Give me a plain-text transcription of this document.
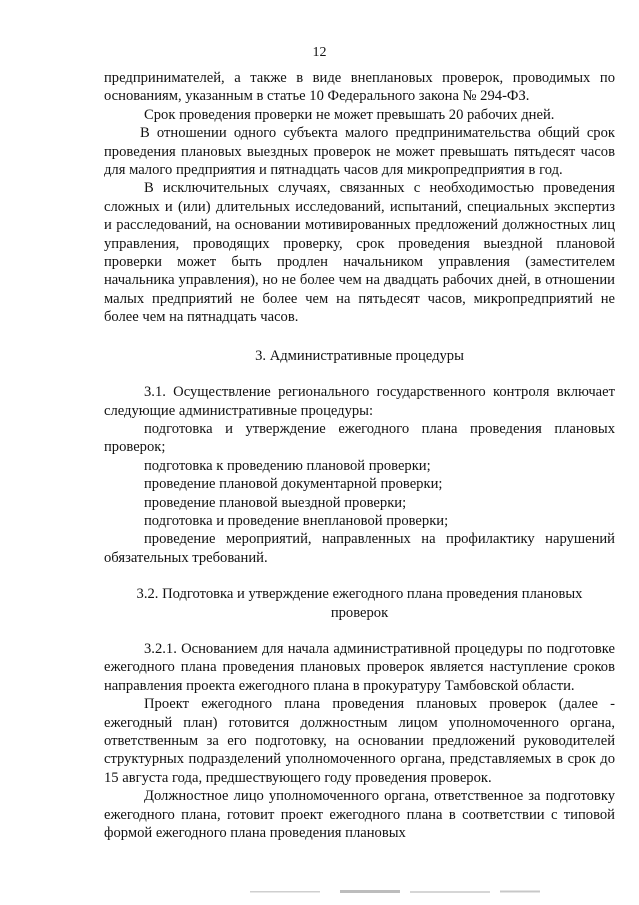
12

предпринимателей, а также в виде внеплановых проверок, проводимых по основаниям, указанным в статье 10 Федерального закона № 294-ФЗ.

Срок проведения проверки не может превышать 20 рабочих дней.

В отношении одного субъекта малого предпринимательства общий срок проведения плановых выездных проверок не может превышать пятьдесят часов для малого предприятия и пятнадцать часов для микропредприятия в год.

В исключительных случаях, связанных с необходимостью проведения сложных и (или) длительных исследований, испытаний, специальных экспертиз и расследований, на основании мотивированных предложений должностных лиц управления, проводящих проверку, срок проведения выездной плановой проверки может быть продлен начальником управления (заместителем начальника управления), но не более чем на двадцать рабочих дней, в отношении малых предприятий не более чем на пятьдесят часов, микропредприятий не более чем на пятнадцать часов.

3. Административные процедуры

3.1. Осуществление регионального государственного контроля включает следующие административные процедуры:

подготовка и утверждение ежегодного плана проведения плановых проверок;

подготовка к проведению плановой проверки;

проведение плановой документарной проверки;

проведение плановой выездной проверки;

подготовка и проведение внеплановой проверки;

проведение мероприятий, направленных на профилактику нарушений обязательных требований.

3.2. Подготовка и утверждение ежегодного плана проведения плановых

проверок

3.2.1. Основанием для начала административной процедуры по подготовке ежегодного плана проведения плановых проверок является наступление сроков направления проекта ежегодного плана в прокуратуру Тамбовской области.

Проект ежегодного плана проведения плановых проверок (далее - ежегодный план) готовится должностным лицом уполномоченного органа, ответственным за его подготовку, на основании предложений руководителей структурных подразделений уполномоченного органа, представляемых в срок до 15 августа года, предшествующего году проведения проверок.

Должностное лицо уполномоченного органа, ответственное за подготовку ежегодного плана, готовит проект ежегодного плана в соответствии с типовой формой ежегодного плана проведения плановых
